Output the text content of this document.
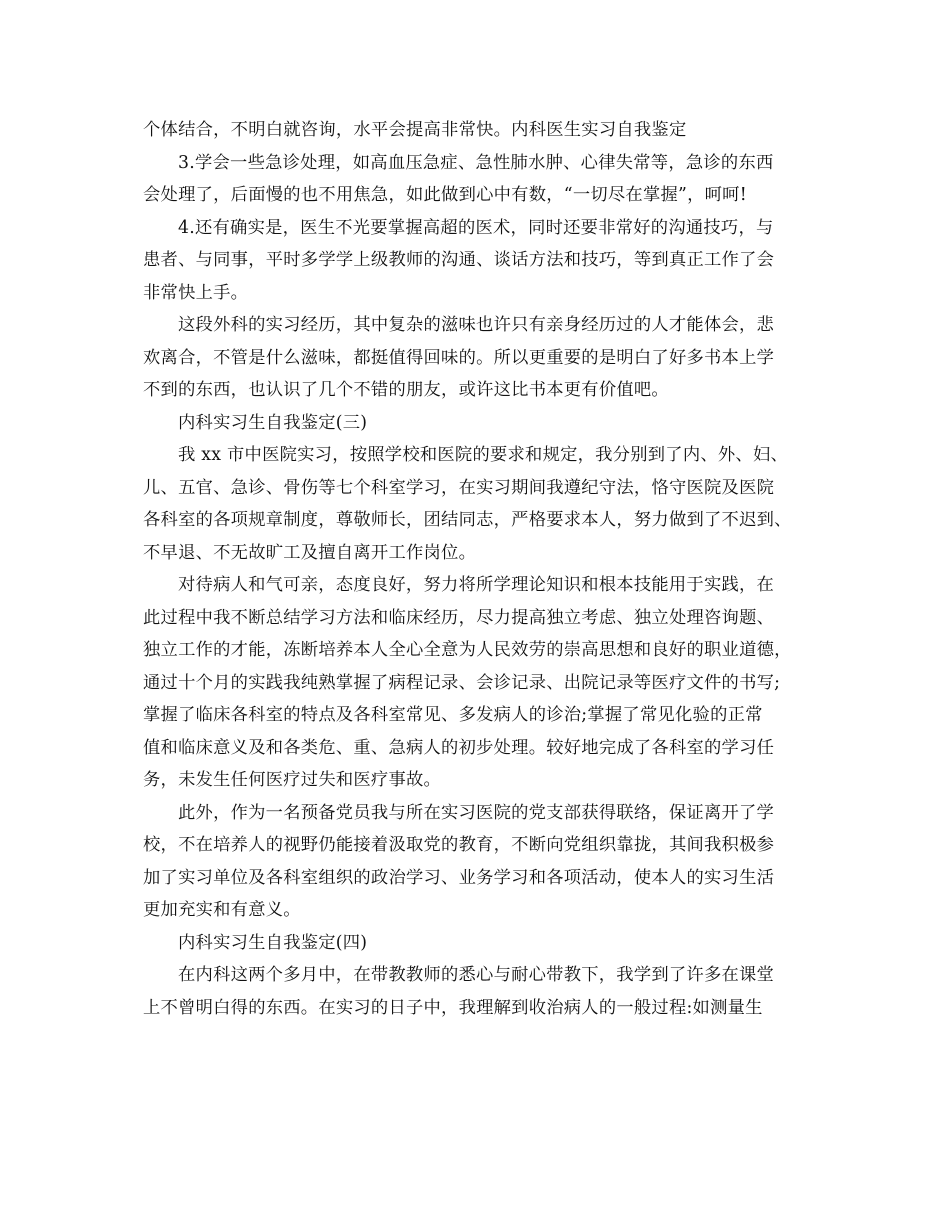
个体结合，不明白就咨询，水平会提高非常快。内科医生实习自我鉴定
3.学会一些急诊处理，如高血压急症、急性肺水肿、心律失常等，急诊的东西
会处理了，后面慢的也不用焦急，如此做到心中有数，“一切尽在掌握”，呵呵!
4.还有确实是，医生不光要掌握高超的医术，同时还要非常好的沟通技巧，与
患者、与同事，平时多学学上级教师的沟通、谈话方法和技巧，等到真正工作了会
非常快上手。
这段外科的实习经历，其中复杂的滋味也许只有亲身经历过的人才能体会，悲
欢离合，不管是什么滋味，都挺值得回味的。所以更重要的是明白了好多书本上学
不到的东西，也认识了几个不错的朋友，或许这比书本更有价值吧。
内科实习生自我鉴定(三)
我 xx 市中医院实习，按照学校和医院的要求和规定，我分别到了内、外、妇、
儿、五官、急诊、骨伤等七个科室学习，在实习期间我遵纪守法，恪守医院及医院
各科室的各项规章制度，尊敬师长，团结同志，严格要求本人，努力做到了不迟到、
不早退、不无故旷工及擅自离开工作岗位。
对待病人和气可亲，态度良好，努力将所学理论知识和根本技能用于实践，在
此过程中我不断总结学习方法和临床经历，尽力提高独立考虑、独立处理咨询题、
独立工作的才能，冻断培养本人全心全意为人民效劳的崇高思想和良好的职业道德，
通过十个月的实践我纯熟掌握了病程记录、会诊记录、出院记录等医疗文件的书写;
掌握了临床各科室的特点及各科室常见、多发病人的诊治;掌握了常见化验的正常
值和临床意义及和各类危、重、急病人的初步处理。较好地完成了各科室的学习任
务，未发生任何医疗过失和医疗事故。
此外，作为一名预备党员我与所在实习医院的党支部获得联络，保证离开了学
校，不在培养人的视野仍能接着汲取党的教育，不断向党组织靠拢，其间我积极参
加了实习单位及各科室组织的政治学习、业务学习和各项活动，使本人的实习生活
更加充实和有意义。
内科实习生自我鉴定(四)
在内科这两个多月中，在带教教师的悉心与耐心带教下，我学到了许多在课堂
上不曾明白得的东西。在实习的日子中，我理解到收治病人的一般过程:如测量生
